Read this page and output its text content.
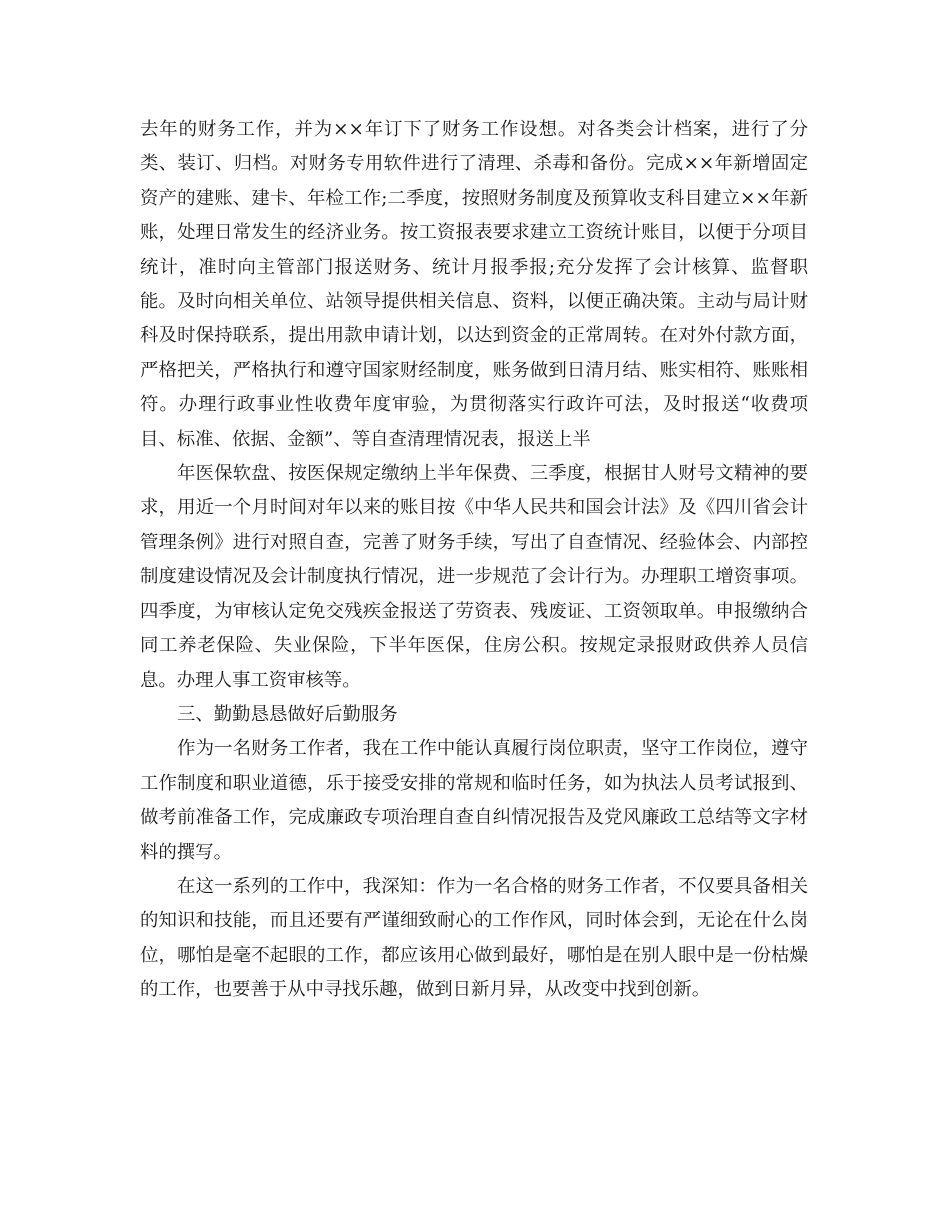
去年的财务工作，并为××年订下了财务工作设想。对各类会计档案，进行了分类、装订、归档。对财务专用软件进行了清理、杀毒和备份。完成××年新增固定资产的建账、建卡、年检工作;二季度，按照财务制度及预算收支科目建立××年新账，处理日常发生的经济业务。按工资报表要求建立工资统计账目，以便于分项目统计，准时向主管部门报送财务、统计月报季报;充分发挥了会计核算、监督职能。及时向相关单位、站领导提供相关信息、资料，以便正确决策。主动与局计财科及时保持联系，提出用款申请计划，以达到资金的正常周转。在对外付款方面，严格把关，严格执行和遵守国家财经制度，账务做到日清月结、账实相符、账账相符。办理行政事业性收费年度审验，为贯彻落实行政许可法，及时报送“收费项目、标准、依据、金额”、等自查清理情况表，报送上半

年医保软盘、按医保规定缴纳上半年保费、三季度，根据甘人财号文精神的要求，用近一个月时间对年以来的账目按《中华人民共和国会计法》及《四川省会计管理条例》进行对照自查，完善了财务手续，写出了自查情况、经验体会、内部控制度建设情况及会计制度执行情况，进一步规范了会计行为。办理职工增资事项。四季度，为审核认定免交残疾金报送了劳资表、残废证、工资领取单。申报缴纳合同工养老保险、失业保险，下半年医保，住房公积。按规定录报财政供养人员信息。办理人事工资审核等。

三、勤勤恳恳做好后勤服务

作为一名财务工作者，我在工作中能认真履行岗位职责，坚守工作岗位，遵守工作制度和职业道德，乐于接受安排的常规和临时任务，如为执法人员考试报到、做考前准备工作，完成廉政专项治理自查自纠情况报告及党风廉政工总结等文字材料的撰写。

在这一系列的工作中，我深知：作为一名合格的财务工作者，不仅要具备相关的知识和技能，而且还要有严谨细致耐心的工作作风，同时体会到，无论在什么岗位，哪怕是毫不起眼的工作，都应该用心做到最好，哪怕是在别人眼中是一份枯燥的工作，也要善于从中寻找乐趣，做到日新月异，从改变中找到创新。
